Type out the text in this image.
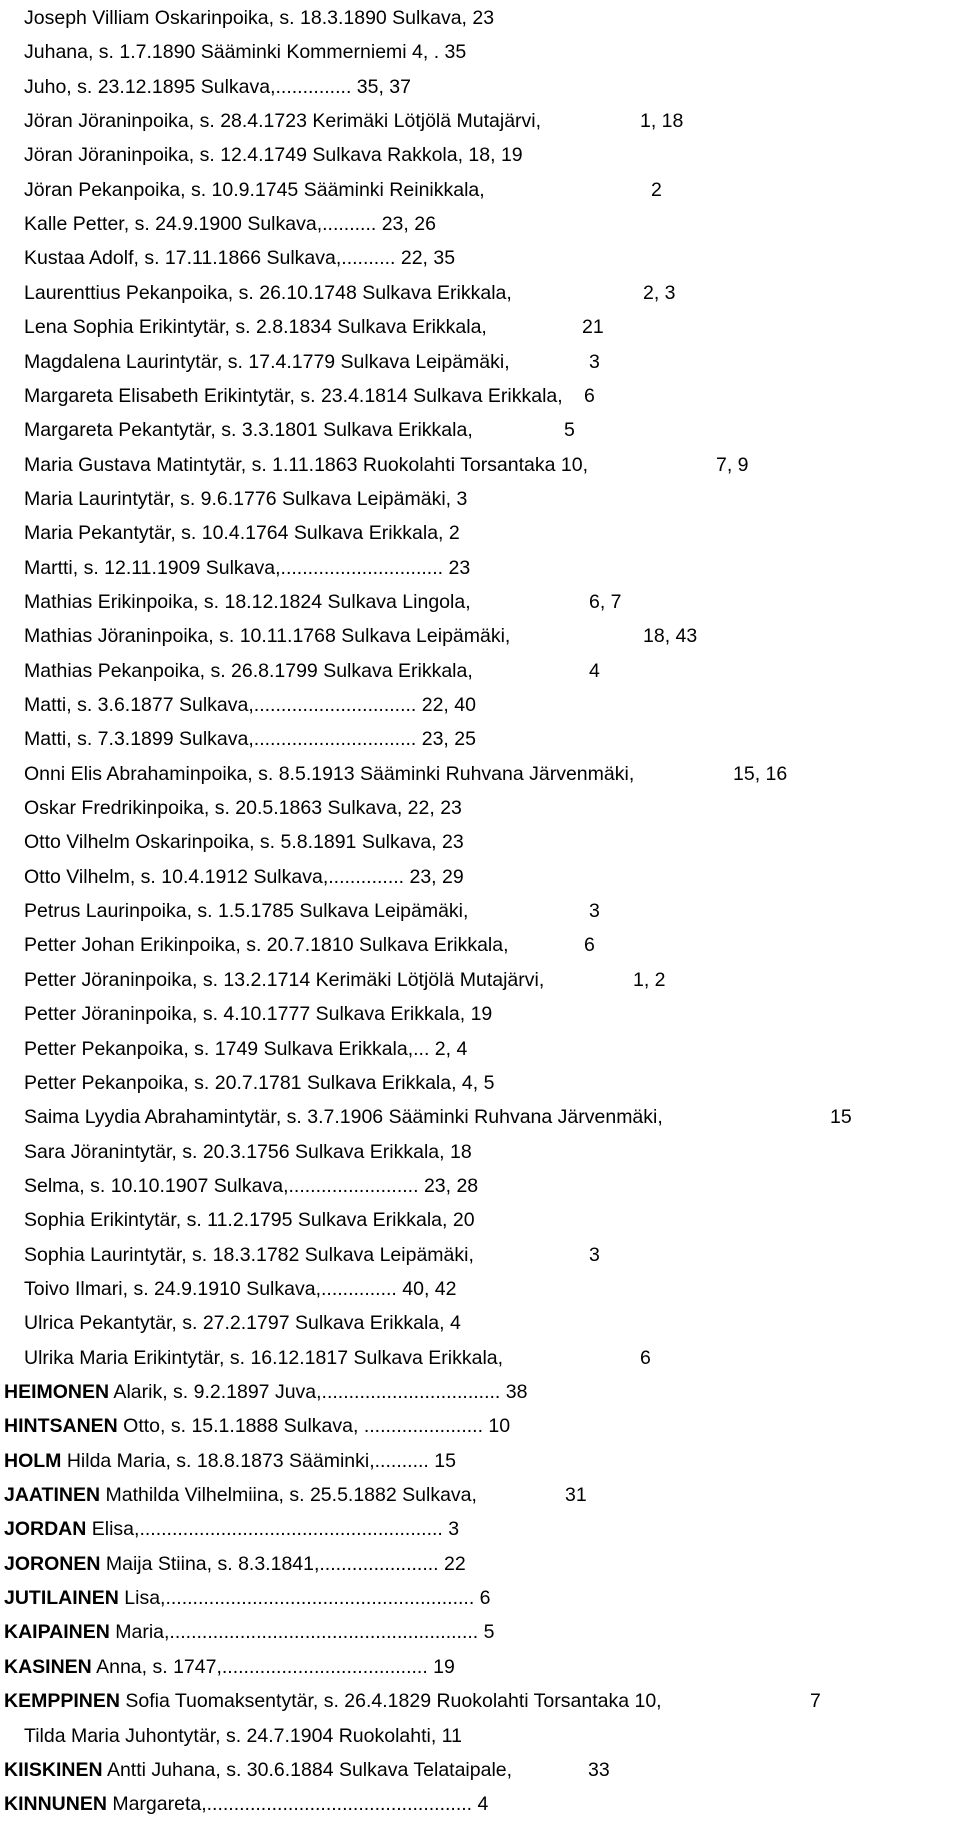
Joseph Villiam Oskarinpoika, s. 18.3.1890 Sulkava, 23
Juhana, s. 1.7.1890 Sääminki Kommerniemi 4, . 35
Juho, s. 23.12.1895 Sulkava,.............. 35, 37
Jöran Jöraninpoika, s. 28.4.1723 Kerimäki Lötjölä Mutajärvi,	1, 18
Jöran Jöraninpoika, s. 12.4.1749 Sulkava Rakkola, 18, 19
Jöran Pekanpoika, s. 10.9.1745 Sääminki Reinikkala,	2
Kalle Petter, s. 24.9.1900 Sulkava,.......... 23, 26
Kustaa Adolf, s. 17.11.1866 Sulkava,.......... 22, 35
Laurenttius Pekanpoika, s. 26.10.1748 Sulkava Erikkala,	2, 3
Lena Sophia Erikintytär, s. 2.8.1834 Sulkava Erikkala,	21
Magdalena Laurintytär, s. 17.4.1779 Sulkava Leipämäki,	3
Margareta Elisabeth Erikintytär, s. 23.4.1814 Sulkava Erikkala, 6
Margareta Pekantytär, s. 3.3.1801 Sulkava Erikkala,	5
Maria Gustava Matintytär, s. 1.11.1863 Ruokolahti Torsantaka 10,	7, 9
Maria Laurintytär, s. 9.6.1776 Sulkava Leipämäki, 3
Maria Pekantytär, s. 10.4.1764 Sulkava Erikkala, 2
Martti, s. 12.11.1909 Sulkava,.............................. 23
Mathias Erikinpoika, s. 18.12.1824 Sulkava Lingola,	6, 7
Mathias Jöraninpoika, s. 10.11.1768 Sulkava Leipämäki,	18, 43
Mathias Pekanpoika, s. 26.8.1799 Sulkava Erikkala,	4
Matti, s. 3.6.1877 Sulkava,.............................. 22, 40
Matti, s. 7.3.1899 Sulkava,.............................. 23, 25
Onni Elis Abrahaminpoika, s. 8.5.1913 Sääminki Ruhvana Järvenmäki,	15, 16
Oskar Fredrikinpoika, s. 20.5.1863 Sulkava, 22, 23
Otto Vilhelm Oskarinpoika, s. 5.8.1891 Sulkava, 23
Otto Vilhelm, s. 10.4.1912 Sulkava,.............. 23, 29
Petrus Laurinpoika, s. 1.5.1785 Sulkava Leipämäki,	3
Petter Johan Erikinpoika, s. 20.7.1810 Sulkava Erikkala,	6
Petter Jöraninpoika, s. 13.2.1714 Kerimäki Lötjölä Mutajärvi,	1, 2
Petter Jöraninpoika, s. 4.10.1777 Sulkava Erikkala, 19
Petter Pekanpoika, s. 1749 Sulkava Erikkala,... 2, 4
Petter Pekanpoika, s. 20.7.1781 Sulkava Erikkala, 4, 5
Saima Lyydia Abrahamintytär, s. 3.7.1906 Sääminki Ruhvana Järvenmäki,	15
Sara Jöranintytär, s. 20.3.1756 Sulkava Erikkala, 18
Selma, s. 10.10.1907 Sulkava,........................ 23, 28
Sophia Erikintytär, s. 11.2.1795 Sulkava Erikkala, 20
Sophia Laurintytär, s. 18.3.1782 Sulkava Leipämäki,	3
Toivo Ilmari, s. 24.9.1910 Sulkava,.............. 40, 42
Ulrica Pekantytär, s. 27.2.1797 Sulkava Erikkala, 4
Ulrika Maria Erikintytär, s. 16.12.1817 Sulkava Erikkala,	6
HEIMONEN Alarik, s. 9.2.1897 Juva,................................. 38
HINTSANEN Otto, s. 15.1.1888 Sulkava, ...................... 10
HOLM Hilda Maria, s. 18.8.1873 Sääminki,.......... 15
JAATINEN Mathilda Vilhelmiina, s. 25.5.1882 Sulkava,	31
JORDAN Elisa,........................................................ 3
JORONEN Maija Stiina, s. 8.3.1841,...................... 22
JUTILAINEN Lisa,......................................................... 6
KAIPAINEN Maria,......................................................... 5
KASINEN Anna, s. 1747,...................................... 19
KEMPPINEN Sofia Tuomaksentytär, s. 26.4.1829 Ruokolahti Torsantaka 10,	7
Tilda Maria Juhontytär, s. 24.7.1904 Ruokolahti, 11
KIISKINEN Antti Juhana, s. 30.6.1884 Sulkava Telataipale,	33
KINNUNEN Margareta,................................................. 4
